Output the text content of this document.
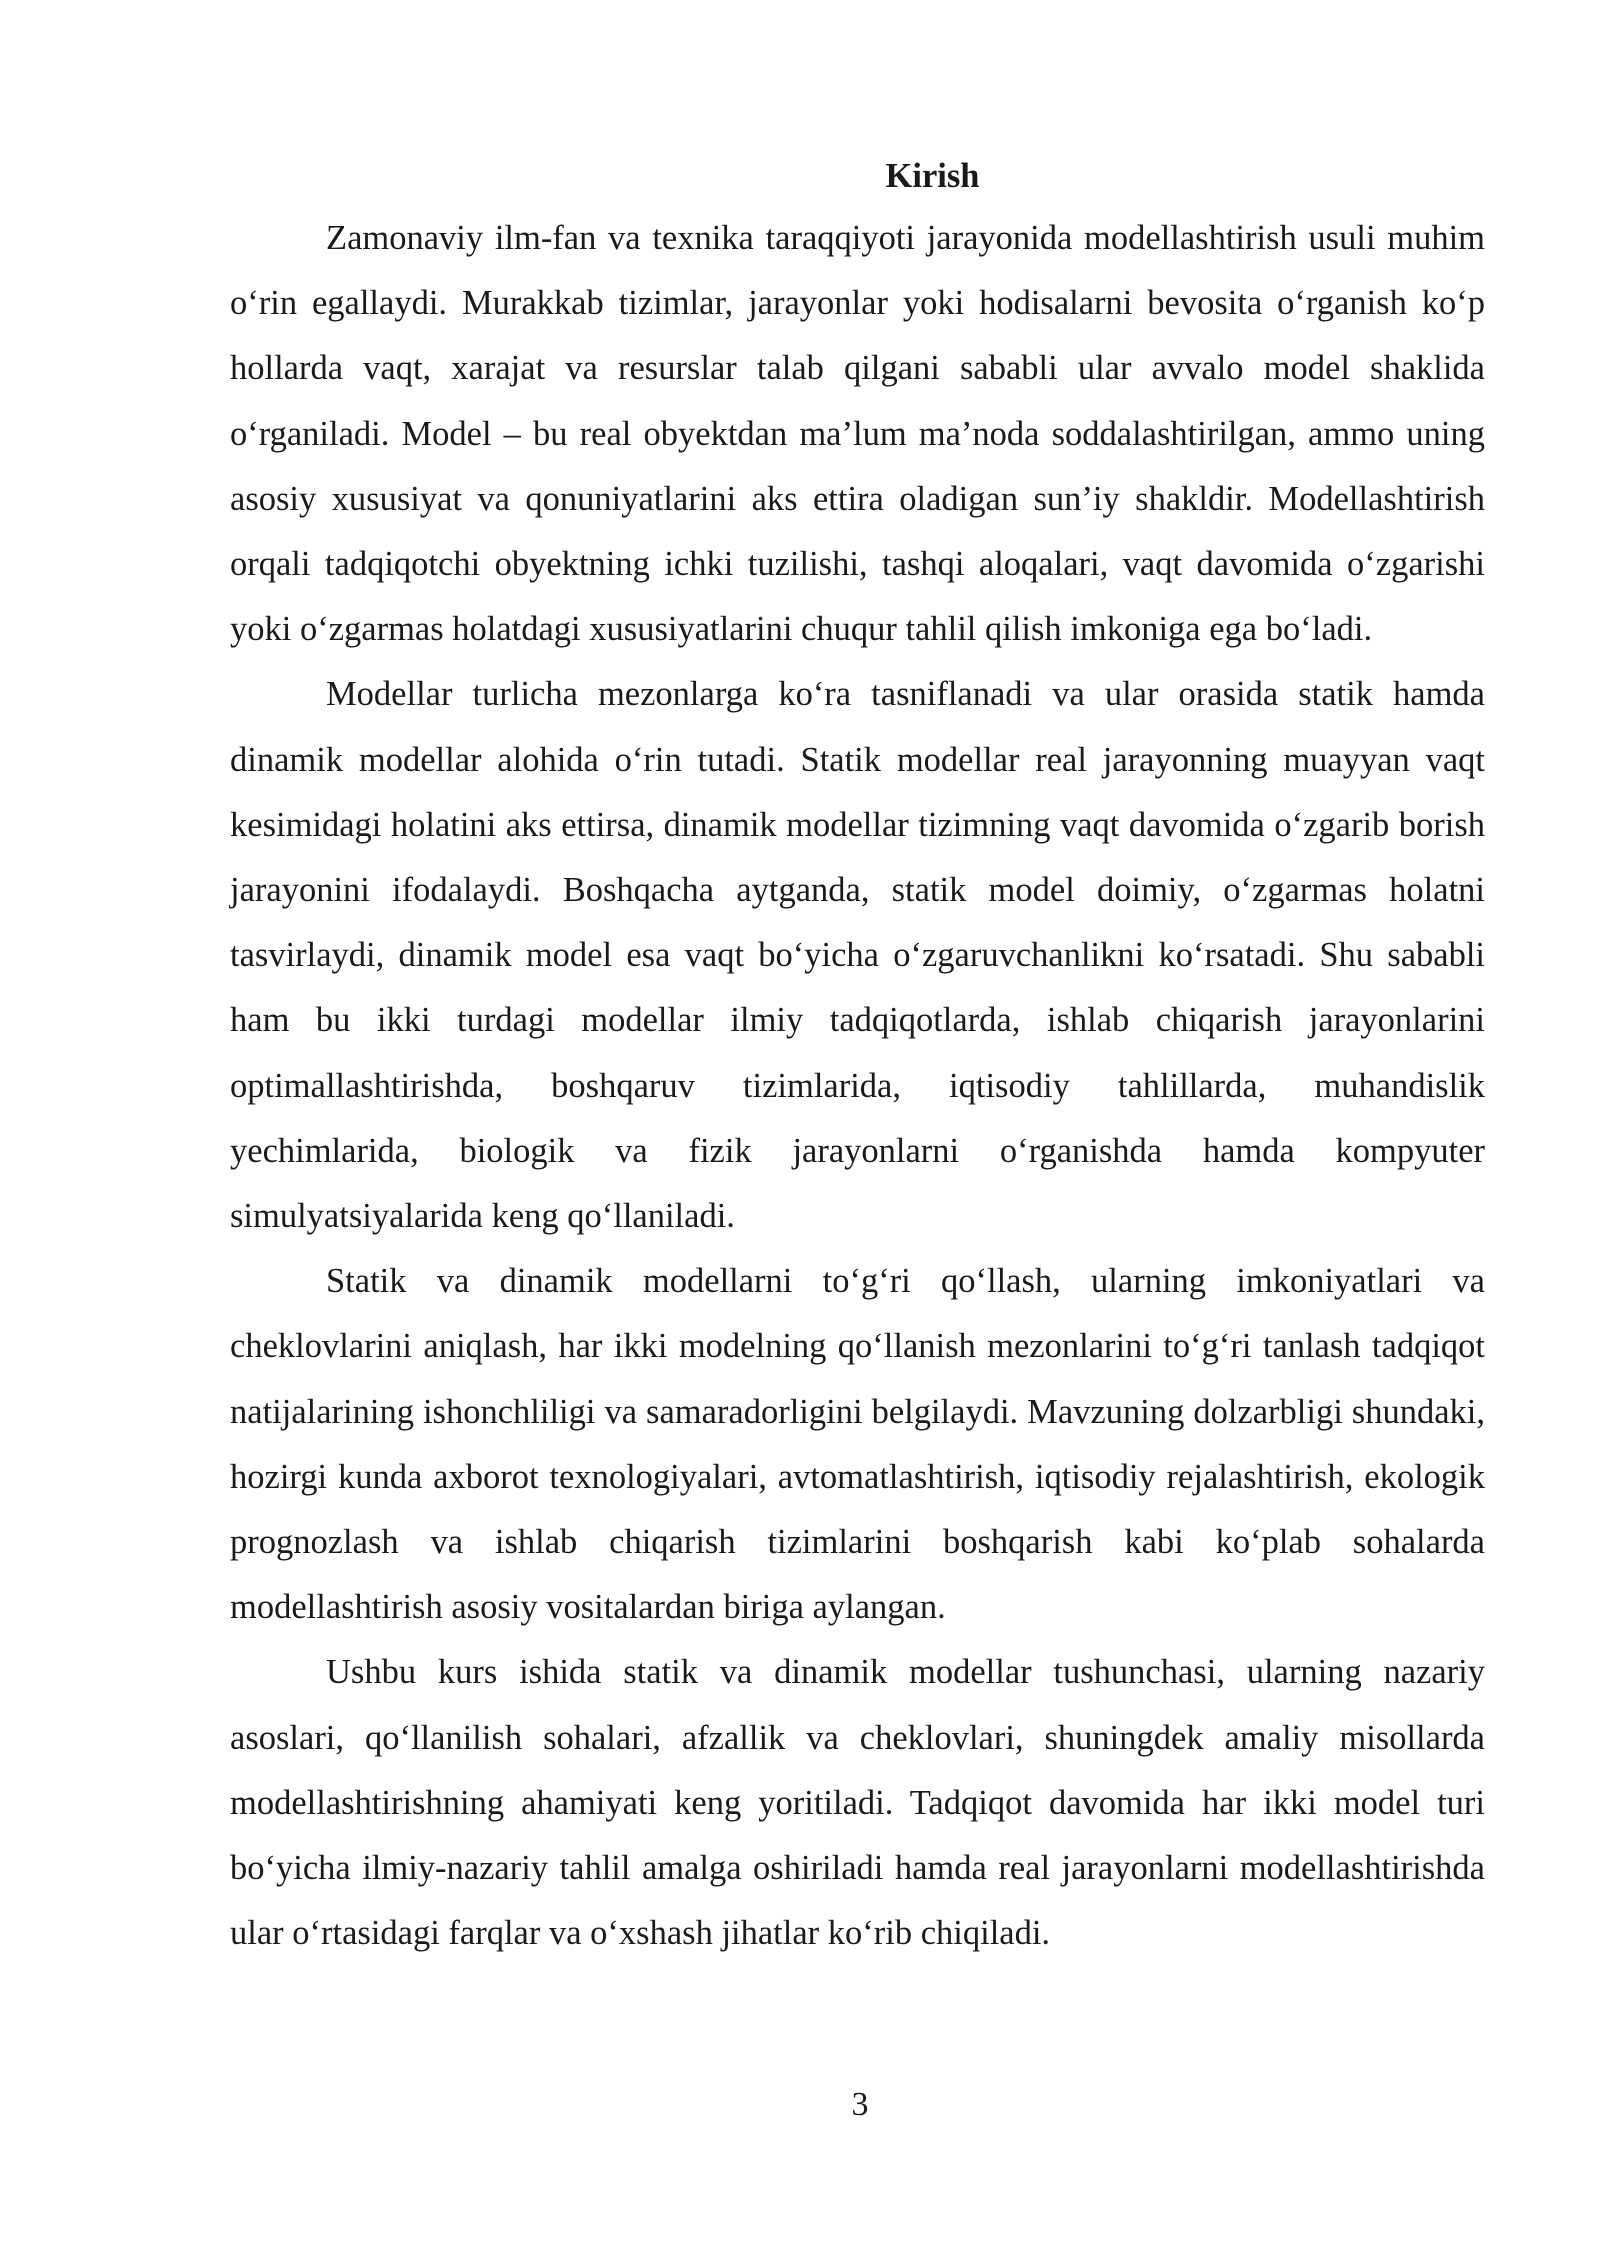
Kirish

Zamonaviy ilm-fan va texnika taraqqiyoti jarayonida modellashtirish usuli muhim o‘rin egallaydi. Murakkab tizimlar, jarayonlar yoki hodisalarni bevosita o‘rganish ko‘p hollarda vaqt, xarajat va resurslar talab qilgani sababli ular avvalo model shaklida o‘rganiladi. Model – bu real obyektdan ma’lum ma’noda soddalashtirilgan, ammo uning asosiy xususiyat va qonuniyatlarini aks ettira oladigan sun’iy shakldir. Modellashtirish orqali tadqiqotchi obyektning ichki tuzilishi, tashqi aloqalari, vaqt davomida o‘zgarishi yoki o‘zgarmas holatdagi xususiyatlarini chuqur tahlil qilish imkoniga ega bo‘ladi.

Modellar turlicha mezonlarga ko‘ra tasniflanadi va ular orasida statik hamda dinamik modellar alohida o‘rin tutadi. Statik modellar real jarayonning muayyan vaqt kesimidagi holatini aks ettirsa, dinamik modellar tizimning vaqt davomida o‘zgarib borish jarayonini ifodalaydi. Boshqacha aytganda, statik model doimiy, o‘zgarmas holatni tasvirlaydi, dinamik model esa vaqt bo‘yicha o‘zgaruvchanlikni ko‘rsatadi. Shu sababli ham bu ikki turdagi modellar ilmiy tadqiqotlarda, ishlab chiqarish jarayonlarini optimallashtirishda, boshqaruv tizimlarida, iqtisodiy tahlillarda, muhandislik yechimlarida, biologik va fizik jarayonlarni o‘rganishda hamda kompyuter simulyatsiyalarida keng qo‘llaniladi.

Statik va dinamik modellarni to‘g‘ri qo‘llash, ularning imkoniyatlari va cheklovlarini aniqlash, har ikki modelning qo‘llanish mezonlarini to‘g‘ri tanlash tadqiqot natijalarining ishonchliligi va samaradorligini belgilaydi. Mavzuning dolzarbligi shundaki, hozirgi kunda axborot texnologiyalari, avtomatlashtirish, iqtisodiy rejalashtirish, ekologik prognozlash va ishlab chiqarish tizimlarini boshqarish kabi ko‘plab sohalarda modellashtirish asosiy vositalardan biriga aylangan.

Ushbu kurs ishida statik va dinamik modellar tushunchasi, ularning nazariy asoslari, qo‘llanilish sohalari, afzallik va cheklovlari, shuningdek amaliy misollarda modellashtirishning ahamiyati keng yoritiladi. Tadqiqot davomida har ikki model turi bo‘yicha ilmiy-nazariy tahlil amalga oshiriladi hamda real jarayonlarni modellashtirishda ular o‘rtasidagi farqlar va o‘xshash jihatlar ko‘rib chiqiladi.

3
